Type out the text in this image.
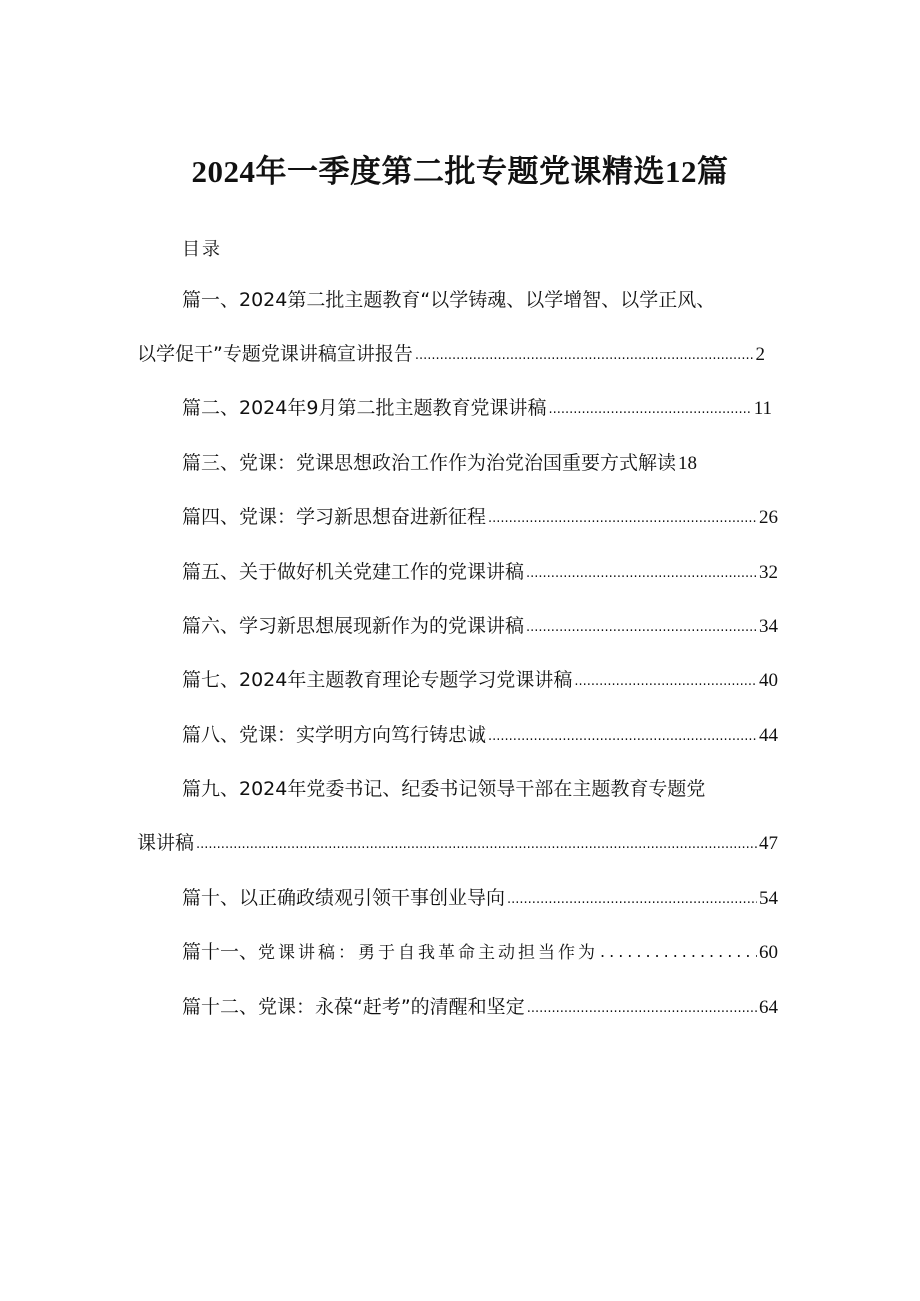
2024年一季度第二批专题党课精选12篇
目录
篇一、2024第二批主题教育“以学铸魂、以学增智、以学正风、
以学促干”专题党课讲稿宣讲报告 .....	2
篇二、2024年9月第二批主题教育党课讲稿 .....	11
篇三、党课：党课思想政治工作作为治党治国重要方式解读 18
篇四、党课：学习新思想奋进新征程 .....	26
篇五、关于做好机关党建工作的党课讲稿 .....	32
篇六、学习新思想展现新作为的党课讲稿 .....	34
篇七、2024年主题教育理论专题学习党课讲稿 .....	40
篇八、党课：实学明方向笃行铸忠诚 .....	44
篇九、2024年党委书记、纪委书记领导干部在主题教育专题党
课讲稿 .....	47
篇十、以正确政绩观引领干事创业导向 .....	54
篇十一、 党课讲稿：勇于自我革命主动担当作为 .....	60
篇十二、党课：永葆“赶考”的清醒和坚定 .....	64
